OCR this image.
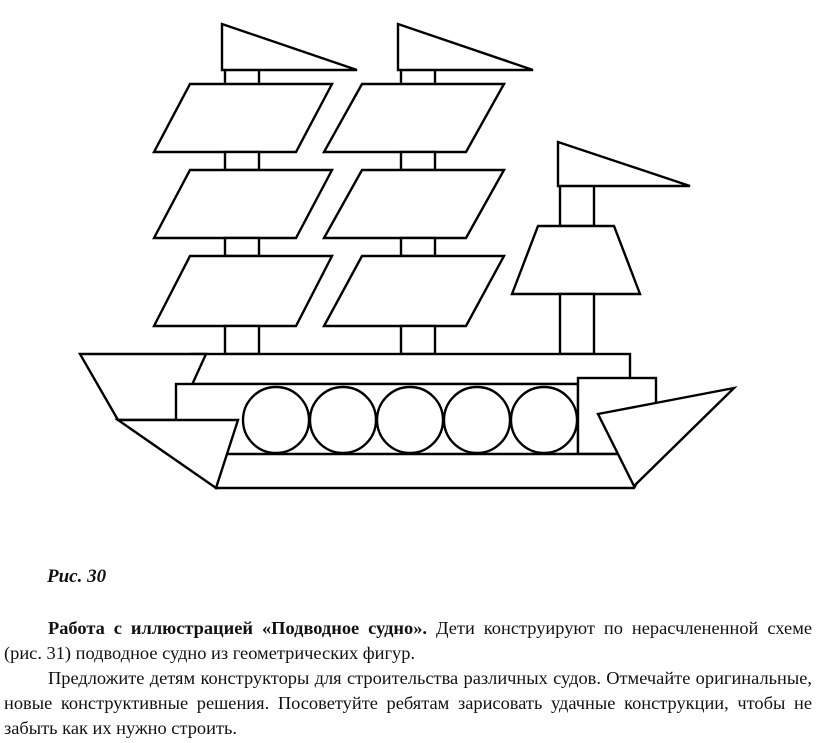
Рис. 30

Работа с иллюстрацией «Подводное судно». Дети конструируют по нерасчлененной схеме (рис. 31) подводное судно из геометрических фигур.

Предложите детям конструкторы для строительства различных судов. Отмечайте оригинальные, новые конструктивные решения. Посоветуйте ребятам зарисовать удачные конструкции, чтобы не забыть как их нужно строить.
